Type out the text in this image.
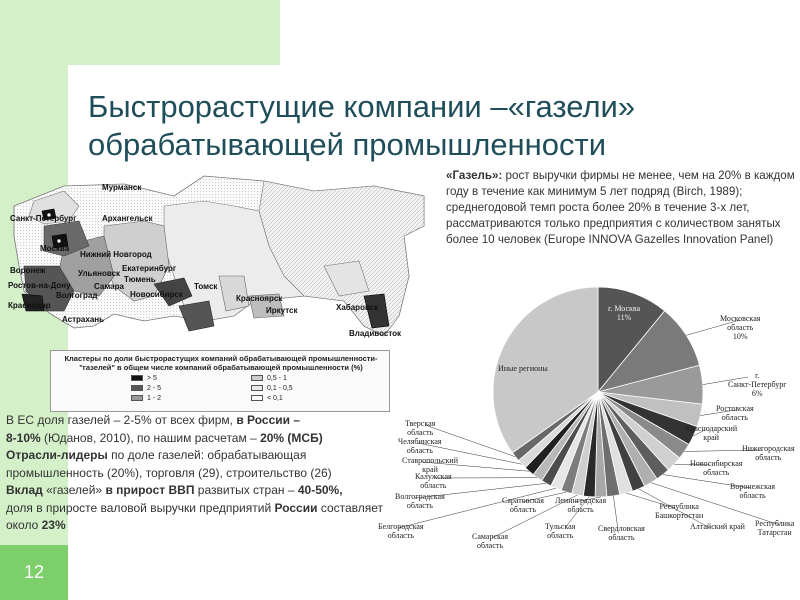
Быстрорастущие компании –«газели»
обрабатывающей промышленности
12
Мурманск
Санкт-Петербург	Архангельск
Москва
Нижний Новгород
Воронеж	Ульяновск
Екатеринбург
Тюмень
Ростов-на-Дону
Волгоград
Самара
Краснодар
Астрахань
Новосибирск
Томск
Красноярск
Иркутск	Хабаровск
Владивосток
Кластеры по доли быстрорастущих компаний обрабатывающей промышленности-"газелей" в общем числе компаний обрабатывающей промышленности (%)
> 5
2 - 5
1 - 2
0,5 - 1
0,1 - 0,5
< 0,1
«Газель»: рост выручки фирмы не менее, чем на 20% в каждом году в течение как минимум 5 лет подряд (Birch, 1989); среднегодовой темп роста более 20% в течение 3-х лет, рассматриваются только предприятия с количеством занятых более 10 человек (Europe INNOVA Gazelles Innovation Panel)
В ЕС доля газелей – 2-5% от всех фирм, в России –
8-10% (Юданов, 2010), по нашим расчетам – 20% (МСБ)
Отрасли-лидеры по доле газелей: обрабатывающая промышленность (20%), торговля (29), строительство (26)
Вклад «газелей» в прирост ВВП развитых стран – 40-50%,
доля в приросте валовой выручки предприятий России составляет около 23%
г. Москва
11%	Московская
область
10%
г.
Санкт-Петербург
6%
Ростовская
область
Краснодарский
край
Нижегородская
область
Новосибирская
область
Воронежская
область
Республика
Татарстан
Алтайский край
Республика
Башкортостан
Свердловская
область
Ленинградская
область
Тульская
область
Самарская
область
Саратовская
область
Белгородская
область
Волгоградская
область
Калужская
область
Ставропольский
край
Челябинская
область
Тверская
область
Иные регионы
